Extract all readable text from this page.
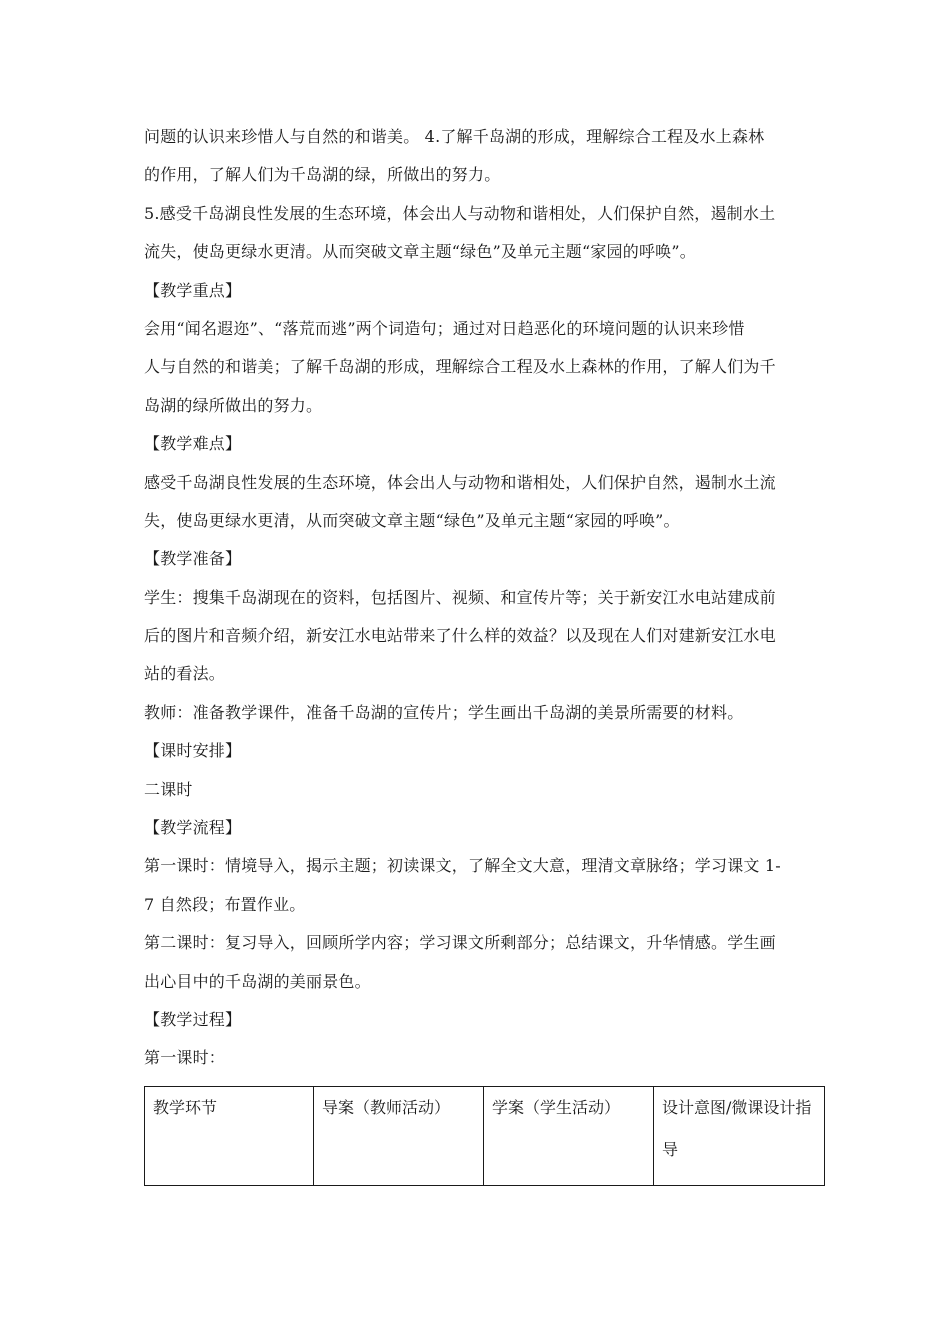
问题的认识来珍惜人与自然的和谐美。 4.了解千岛湖的形成，理解综合工程及水上森林
的作用，了解人们为千岛湖的绿，所做出的努力。
5.感受千岛湖良性发展的生态环境，体会出人与动物和谐相处，人们保护自然，遏制水土
流失，使岛更绿水更清。从而突破文章主题“绿色”及单元主题“家园的呼唤”。
【教学重点】
会用“闻名遐迩”、“落荒而逃”两个词造句；通过对日趋恶化的环境问题的认识来珍惜
人与自然的和谐美；了解千岛湖的形成，理解综合工程及水上森林的作用，了解人们为千
岛湖的绿所做出的努力。
【教学难点】
感受千岛湖良性发展的生态环境，体会出人与动物和谐相处，人们保护自然，遏制水土流
失，使岛更绿水更清，从而突破文章主题“绿色”及单元主题“家园的呼唤”。
【教学准备】
学生：搜集千岛湖现在的资料，包括图片、视频、和宣传片等；关于新安江水电站建成前
后的图片和音频介绍，新安江水电站带来了什么样的效益？以及现在人们对建新安江水电
站的看法。
教师：准备教学课件，准备千岛湖的宣传片；学生画出千岛湖的美景所需要的材料。
【课时安排】
二课时
【教学流程】
第一课时：情境导入，揭示主题；初读课文，了解全文大意，理清文章脉络；学习课文 1-
7 自然段；布置作业。
第二课时：复习导入，回顾所学内容；学习课文所剩部分；总结课文，升华情感。学生画
出心目中的千岛湖的美丽景色。
【教学过程】
第一课时：
教学环节	导案（教师活动）	学案（学生活动）	设计意图/微课设计指导
